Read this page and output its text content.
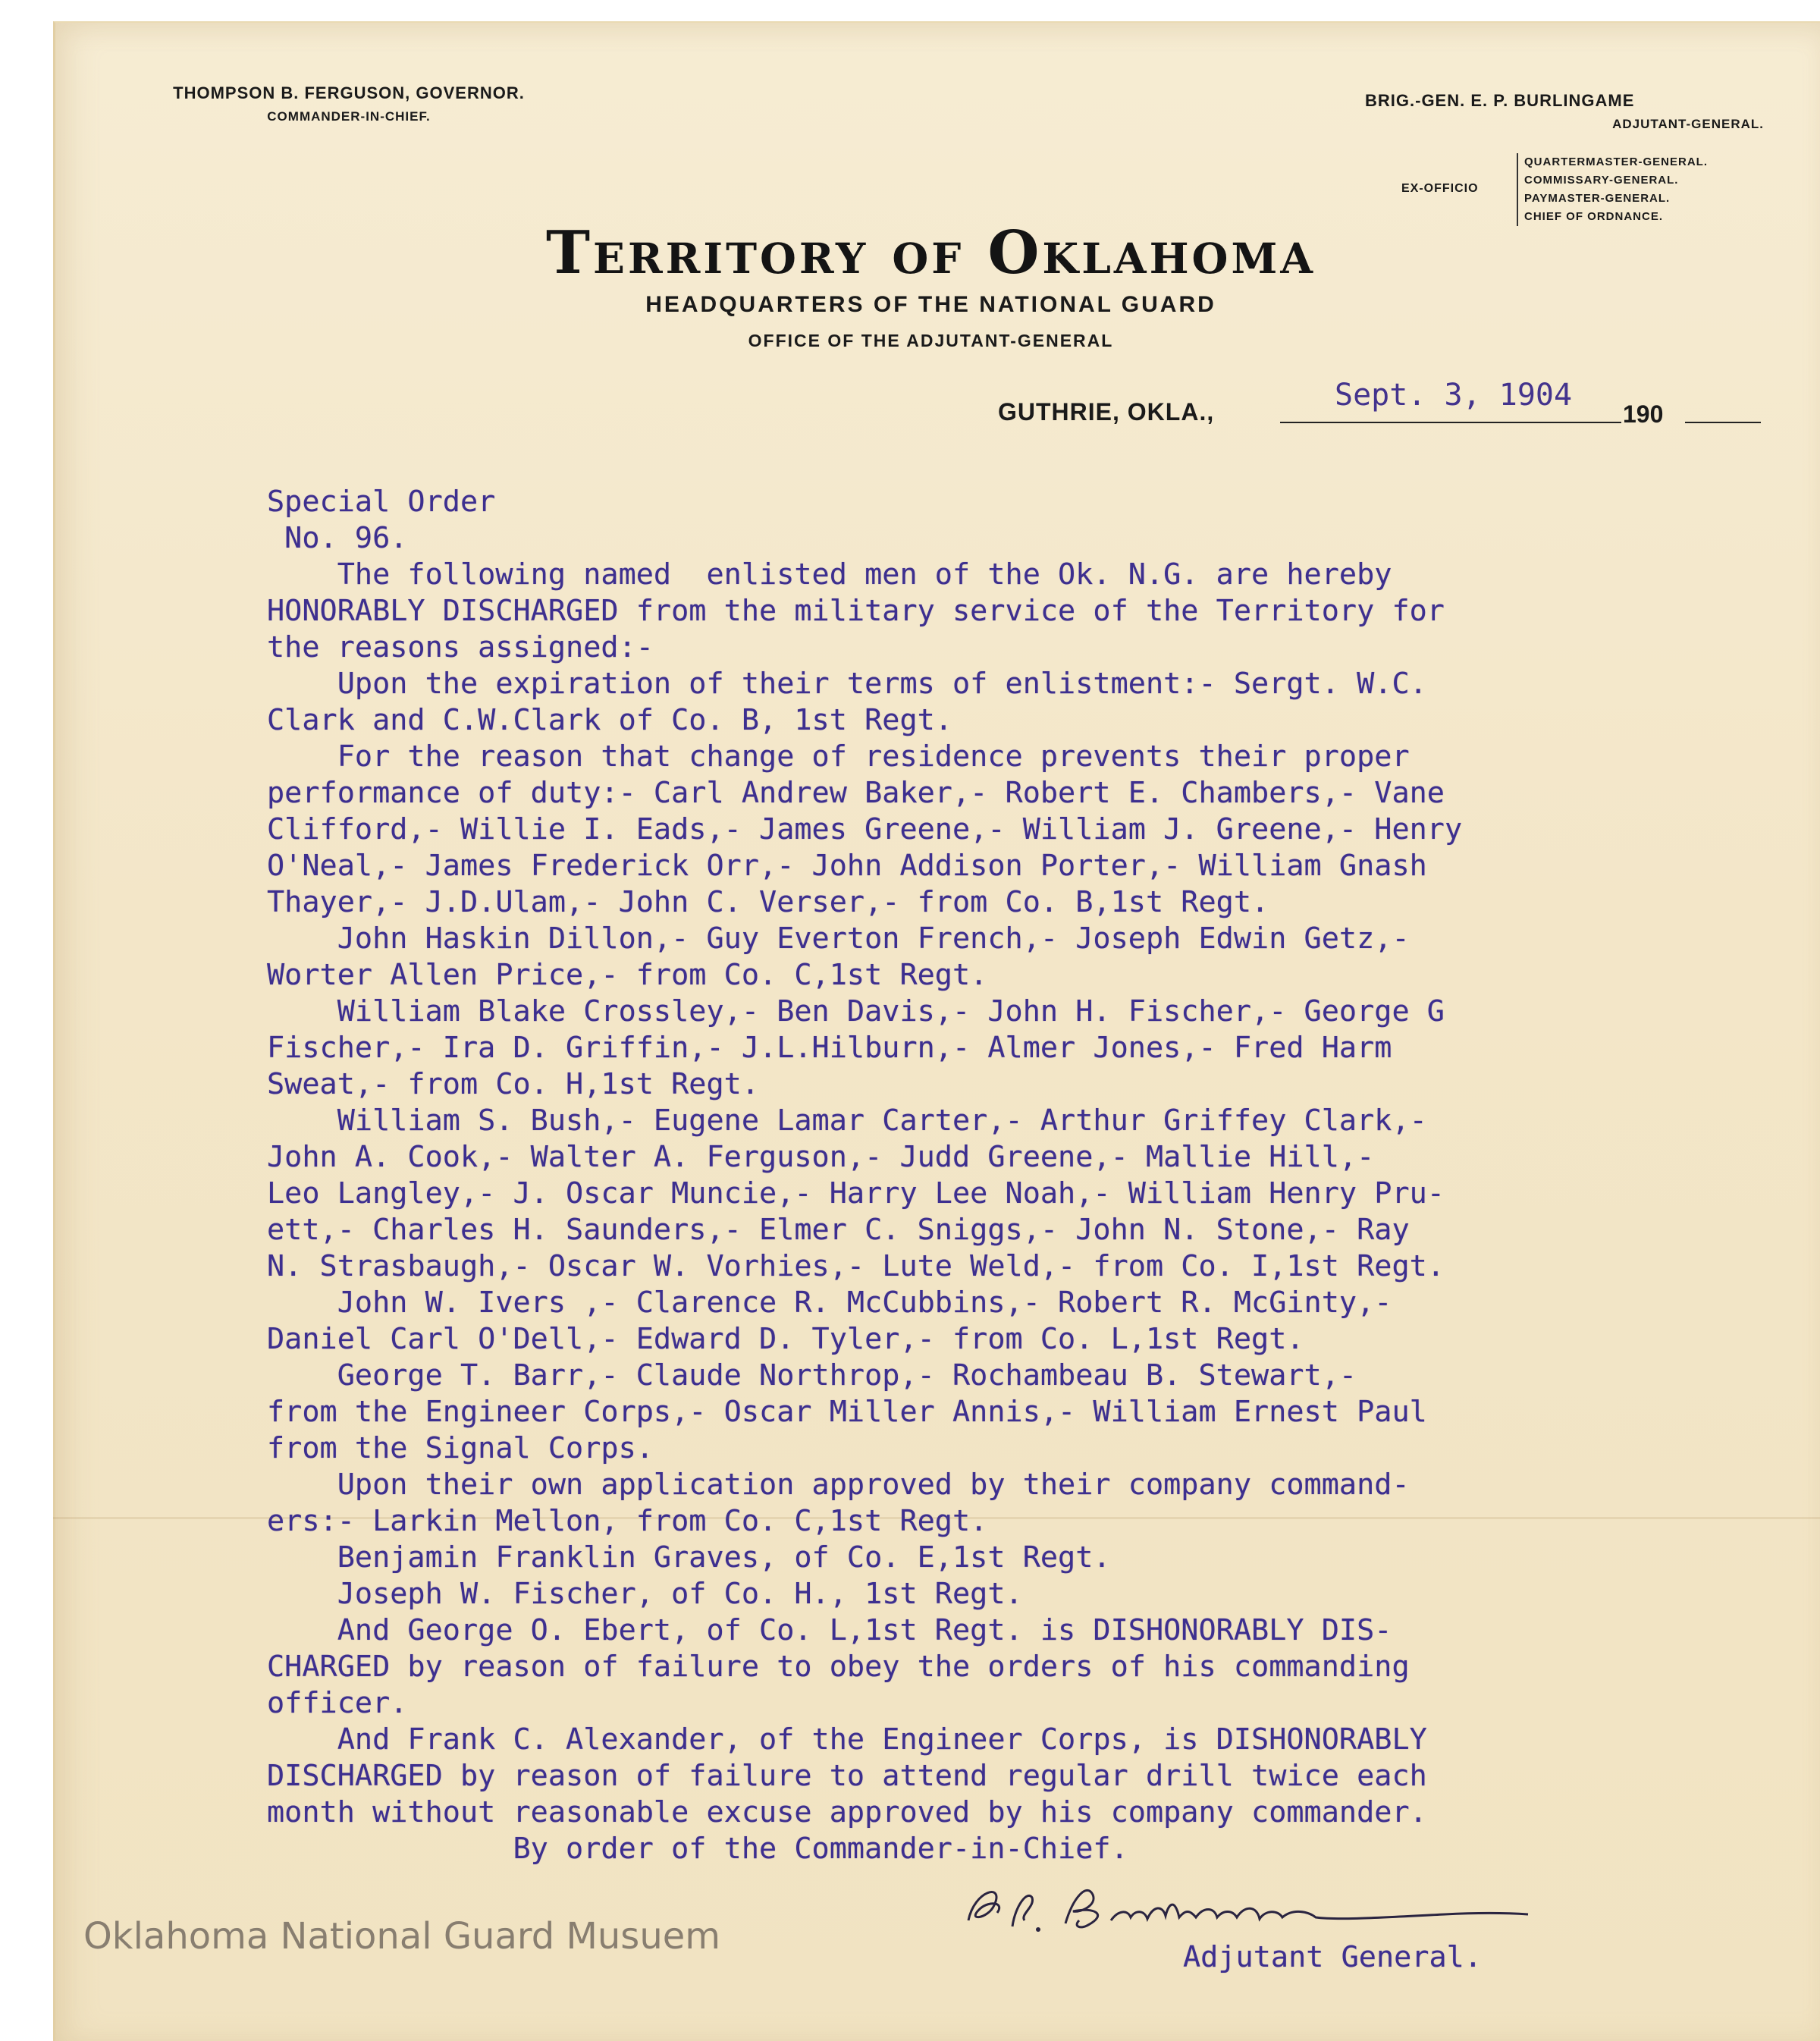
THOMPSON B. FERGUSON, GOVERNOR.
COMMANDER-IN-CHIEF.
BRIG.-GEN. E. P. BURLINGAME
ADJUTANT-GENERAL.
EX-OFFICIO
QUARTERMASTER-GENERAL.
COMMISSARY-GENERAL.
PAYMASTER-GENERAL.
CHIEF OF ORDNANCE.
Territory of Oklahoma
HEADQUARTERS OF THE NATIONAL GUARD
OFFICE OF THE ADJUTANT-GENERAL
GUTHRIE, OKLA.,	Sept. 3, 1904
190
Special Order
No. 96.
The following named  enlisted men of the Ok. N.G. are hereby
HONORABLY DISCHARGED from the military service of the Territory for
the reasons assigned:-
Upon the expiration of their terms of enlistment:- Sergt. W.C.
Clark and C.W.Clark of Co. B, 1st Regt.
For the reason that change of residence prevents their proper
performance of duty:- Carl Andrew Baker,- Robert E. Chambers,- Vane
Clifford,- Willie I. Eads,- James Greene,- William J. Greene,- Henry
O'Neal,- James Frederick Orr,- John Addison Porter,- William Gnash
Thayer,- J.D.Ulam,- John C. Verser,- from Co. B,1st Regt.
John Haskin Dillon,- Guy Everton French,- Joseph Edwin Getz,-
Worter Allen Price,- from Co. C,1st Regt.
William Blake Crossley,- Ben Davis,- John H. Fischer,- George G
Fischer,- Ira D. Griffin,- J.L.Hilburn,- Almer Jones,- Fred Harm
Sweat,- from Co. H,1st Regt.
William S. Bush,- Eugene Lamar Carter,- Arthur Griffey Clark,-
John A. Cook,- Walter A. Ferguson,- Judd Greene,- Mallie Hill,-
Leo Langley,- J. Oscar Muncie,- Harry Lee Noah,- William Henry Pru-
ett,- Charles H. Saunders,- Elmer C. Sniggs,- John N. Stone,- Ray
N. Strasbaugh,- Oscar W. Vorhies,- Lute Weld,- from Co. I,1st Regt.
John W. Ivers ,- Clarence R. McCubbins,- Robert R. McGinty,-
Daniel Carl O'Dell,- Edward D. Tyler,- from Co. L,1st Regt.
George T. Barr,- Claude Northrop,- Rochambeau B. Stewart,-
from the Engineer Corps,- Oscar Miller Annis,- William Ernest Paul
from the Signal Corps.
Upon their own application approved by their company command-
ers:- Larkin Mellon, from Co. C,1st Regt.
Benjamin Franklin Graves, of Co. E,1st Regt.
Joseph W. Fischer, of Co. H., 1st Regt.
And George O. Ebert, of Co. L,1st Regt. is DISHONORABLY DIS-
CHARGED by reason of failure to obey the orders of his commanding
officer.
And Frank C. Alexander, of the Engineer Corps, is DISHONORABLY
DISCHARGED by reason of failure to attend regular drill twice each
month without reasonable excuse approved by his company commander.
By order of the Commander-in-Chief.
Adjutant General.
Oklahoma National Guard Musuem
